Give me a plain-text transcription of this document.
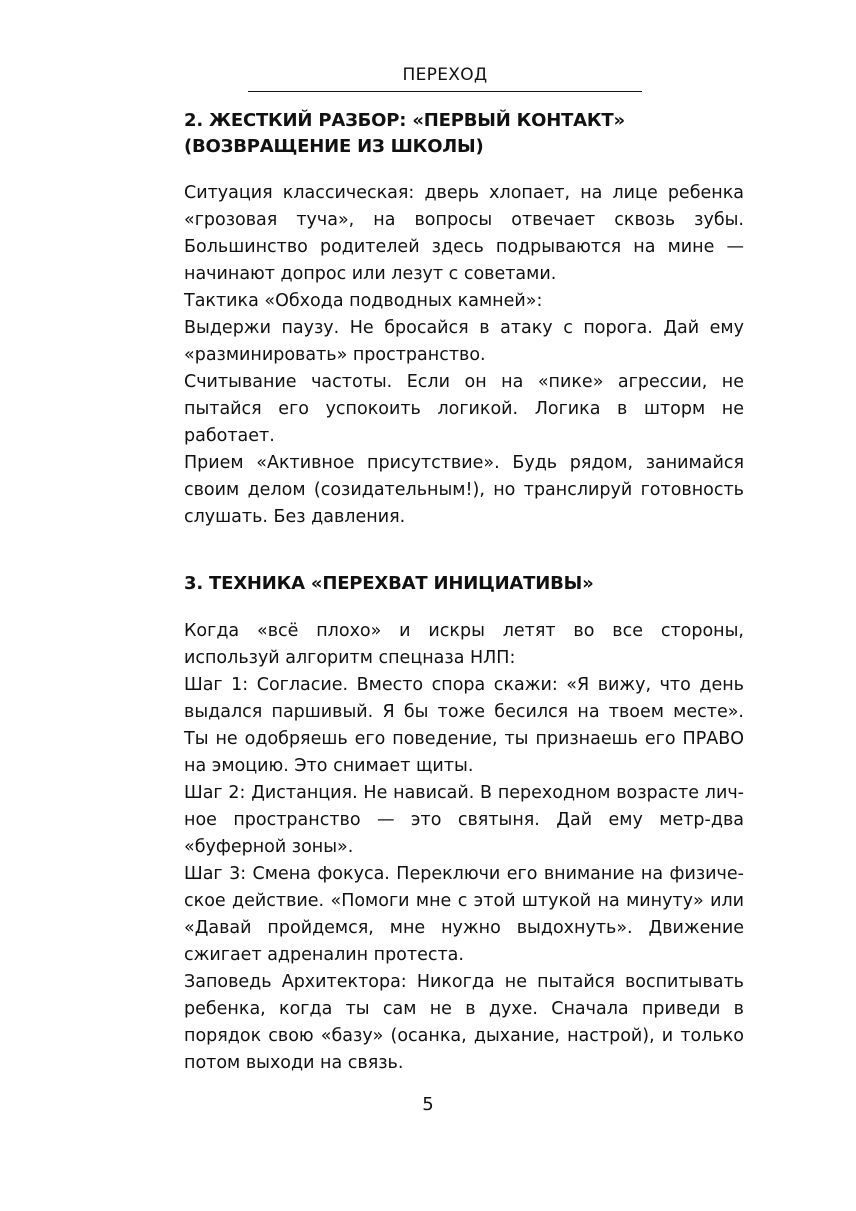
ПЕРЕХОД
2. ЖЕСТКИЙ РАЗБОР: «ПЕРВЫЙ КОНТАКТ»
(ВОЗВРАЩЕНИЕ ИЗ ШКОЛЫ)

Ситуация классическая: дверь хлопает, на лице ребенка «грозовая туча», на вопросы отвечает сквозь зубы. Большинство родителей здесь подрываются на мине — начинают допрос или лезут с советами.

Тактика «Обхода подводных камней»:

Выдержи паузу. Не бросайся в атаку с порога. Дай ему «разминировать» пространство.

Считывание частоты. Если он на «пике» агрессии, не пытайся его успокоить логикой. Логика в шторм не работает.

Прием «Активное присутствие». Будь рядом, занимайся своим делом (созидательным!), но транслируй готовность слушать. Без давления.

3. ТЕХНИКА «ПЕРЕХВАТ ИНИЦИАТИВЫ»

Когда «всё плохо» и искры летят во все стороны, используй алгоритм спецназа НЛП:

Шаг 1: Согласие. Вместо спора скажи: «Я вижу, что день выдался паршивый. Я бы тоже бесился на твоем месте». Ты не одобряешь его поведение, ты признаешь его ПРАВО на эмоцию. Это снимает щиты.

Шаг 2: Дистанция. Не нависай. В переходном возрасте личное пространство — это святыня. Дай ему метр-два «буферной зоны».

Шаг 3: Смена фокуса. Переключи его внимание на физическое действие. «Помоги мне с этой штукой на минуту» или «Давай пройдемся, мне нужно выдохнуть». Движение сжигает адреналин протеста.

Заповедь Архитектора: Никогда не пытайся воспитывать ребенка, когда ты сам не в духе. Сначала приведи в порядок свою «базу» (осанка, дыхание, настрой), и только потом выходи на связь.

5
